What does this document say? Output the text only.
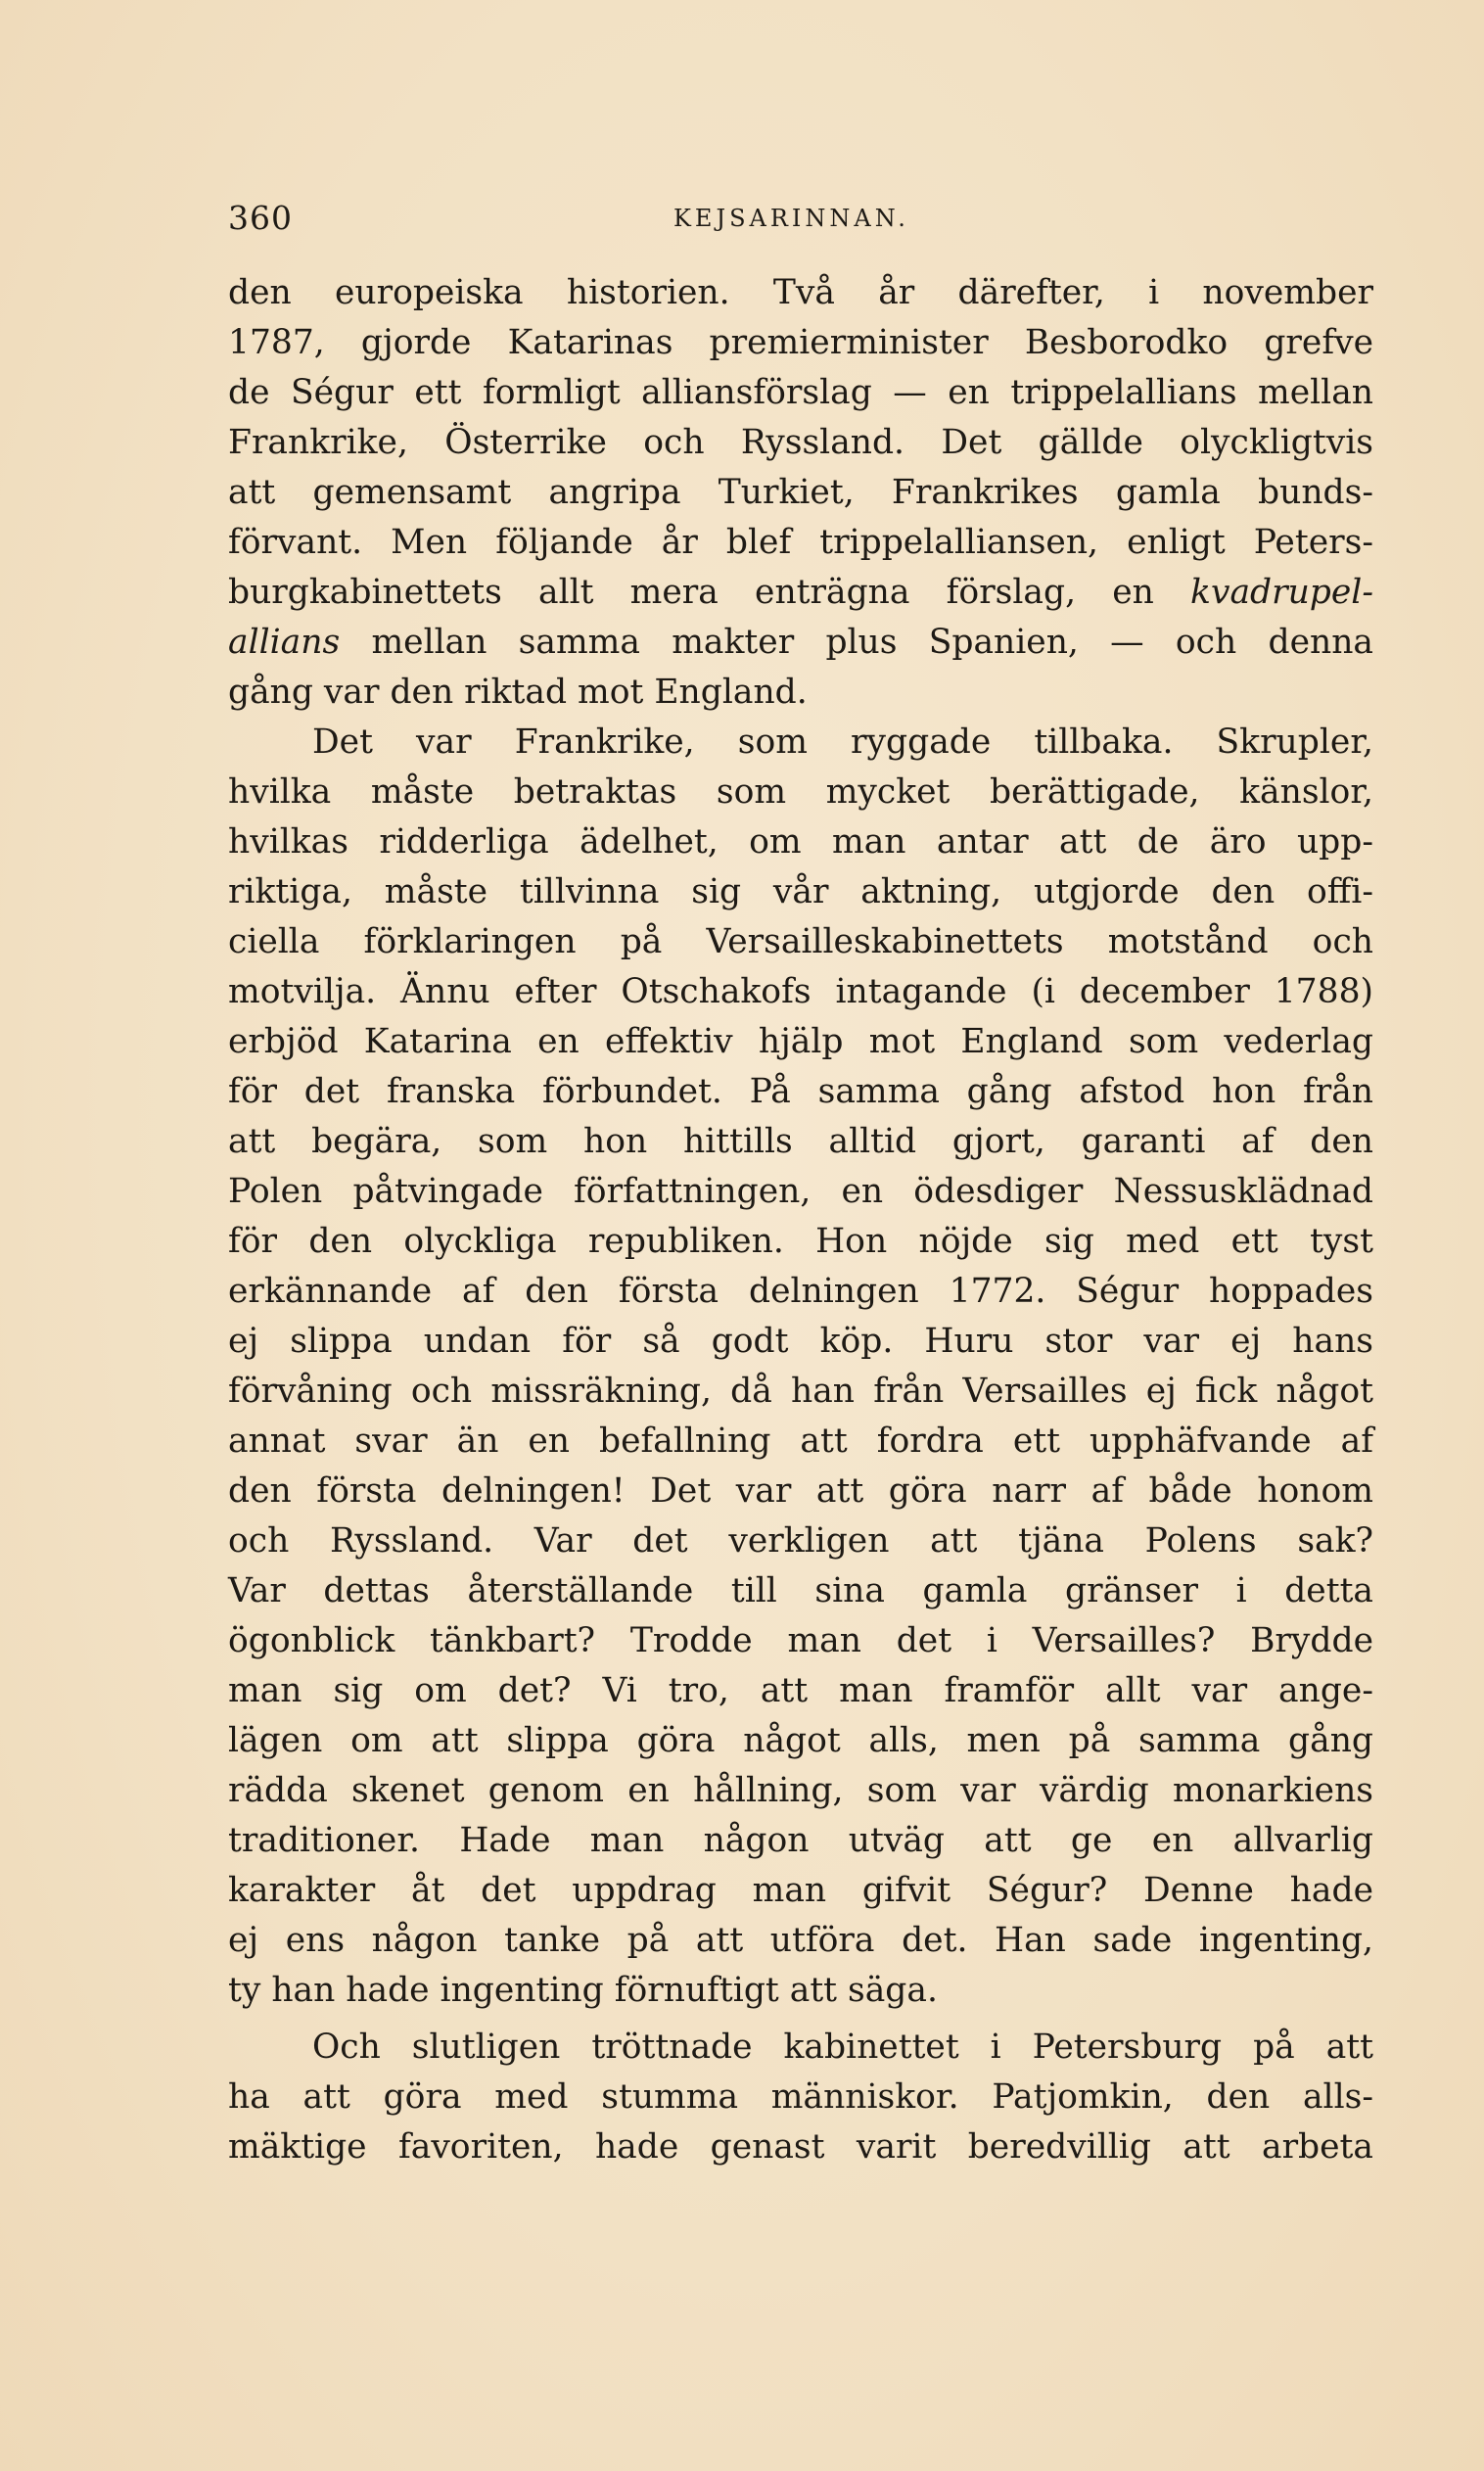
360	KEJSARINNAN.
den europeiska historien. Två år därefter, i november
1787, gjorde Katarinas premierminister Besborodko grefve
de Ségur ett formligt alliansförslag — en trippelallians mellan
Frankrike, Österrike och Ryssland. Det gällde olyckligtvis
att gemensamt angripa Turkiet, Frankrikes gamla bunds-
förvant. Men följande år blef trippelalliansen, enligt Peters-
burgkabinettets allt mera enträgna förslag, en kvadrupel-
allians mellan samma makter plus Spanien, — och denna
gång var den riktad mot England.
Det var Frankrike, som ryggade tillbaka. Skrupler,
hvilka måste betraktas som mycket berättigade, känslor,
hvilkas ridderliga ädelhet, om man antar att de äro upp-
riktiga, måste tillvinna sig vår aktning, utgjorde den offi-
ciella förklaringen på Versailleskabinettets motstånd och
motvilja. Ännu efter Otschakofs intagande (i december 1788)
erbjöd Katarina en effektiv hjälp mot England som vederlag
för det franska förbundet. På samma gång afstod hon från
att begära, som hon hittills alltid gjort, garanti af den
Polen påtvingade författningen, en ödesdiger Nessusklädnad
för den olyckliga republiken. Hon nöjde sig med ett tyst
erkännande af den första delningen 1772. Ségur hoppades
ej slippa undan för så godt köp. Huru stor var ej hans
förvåning och missräkning, då han från Versailles ej fick något
annat svar än en befallning att fordra ett upphäfvande af
den första delningen! Det var att göra narr af både honom
och Ryssland. Var det verkligen att tjäna Polens sak?
Var dettas återställande till sina gamla gränser i detta
ögonblick tänkbart? Trodde man det i Versailles? Brydde
man sig om det? Vi tro, att man framför allt var ange-
lägen om att slippa göra något alls, men på samma gång
rädda skenet genom en hållning, som var värdig monarkiens
traditioner. Hade man någon utväg att ge en allvarlig
karakter åt det uppdrag man gifvit Ségur? Denne hade
ej ens någon tanke på att utföra det. Han sade ingenting,
ty han hade ingenting förnuftigt att säga.
Och slutligen tröttnade kabinettet i Petersburg på att
ha att göra med stumma människor. Patjomkin, den alls-
mäktige favoriten, hade genast varit beredvillig att arbeta
